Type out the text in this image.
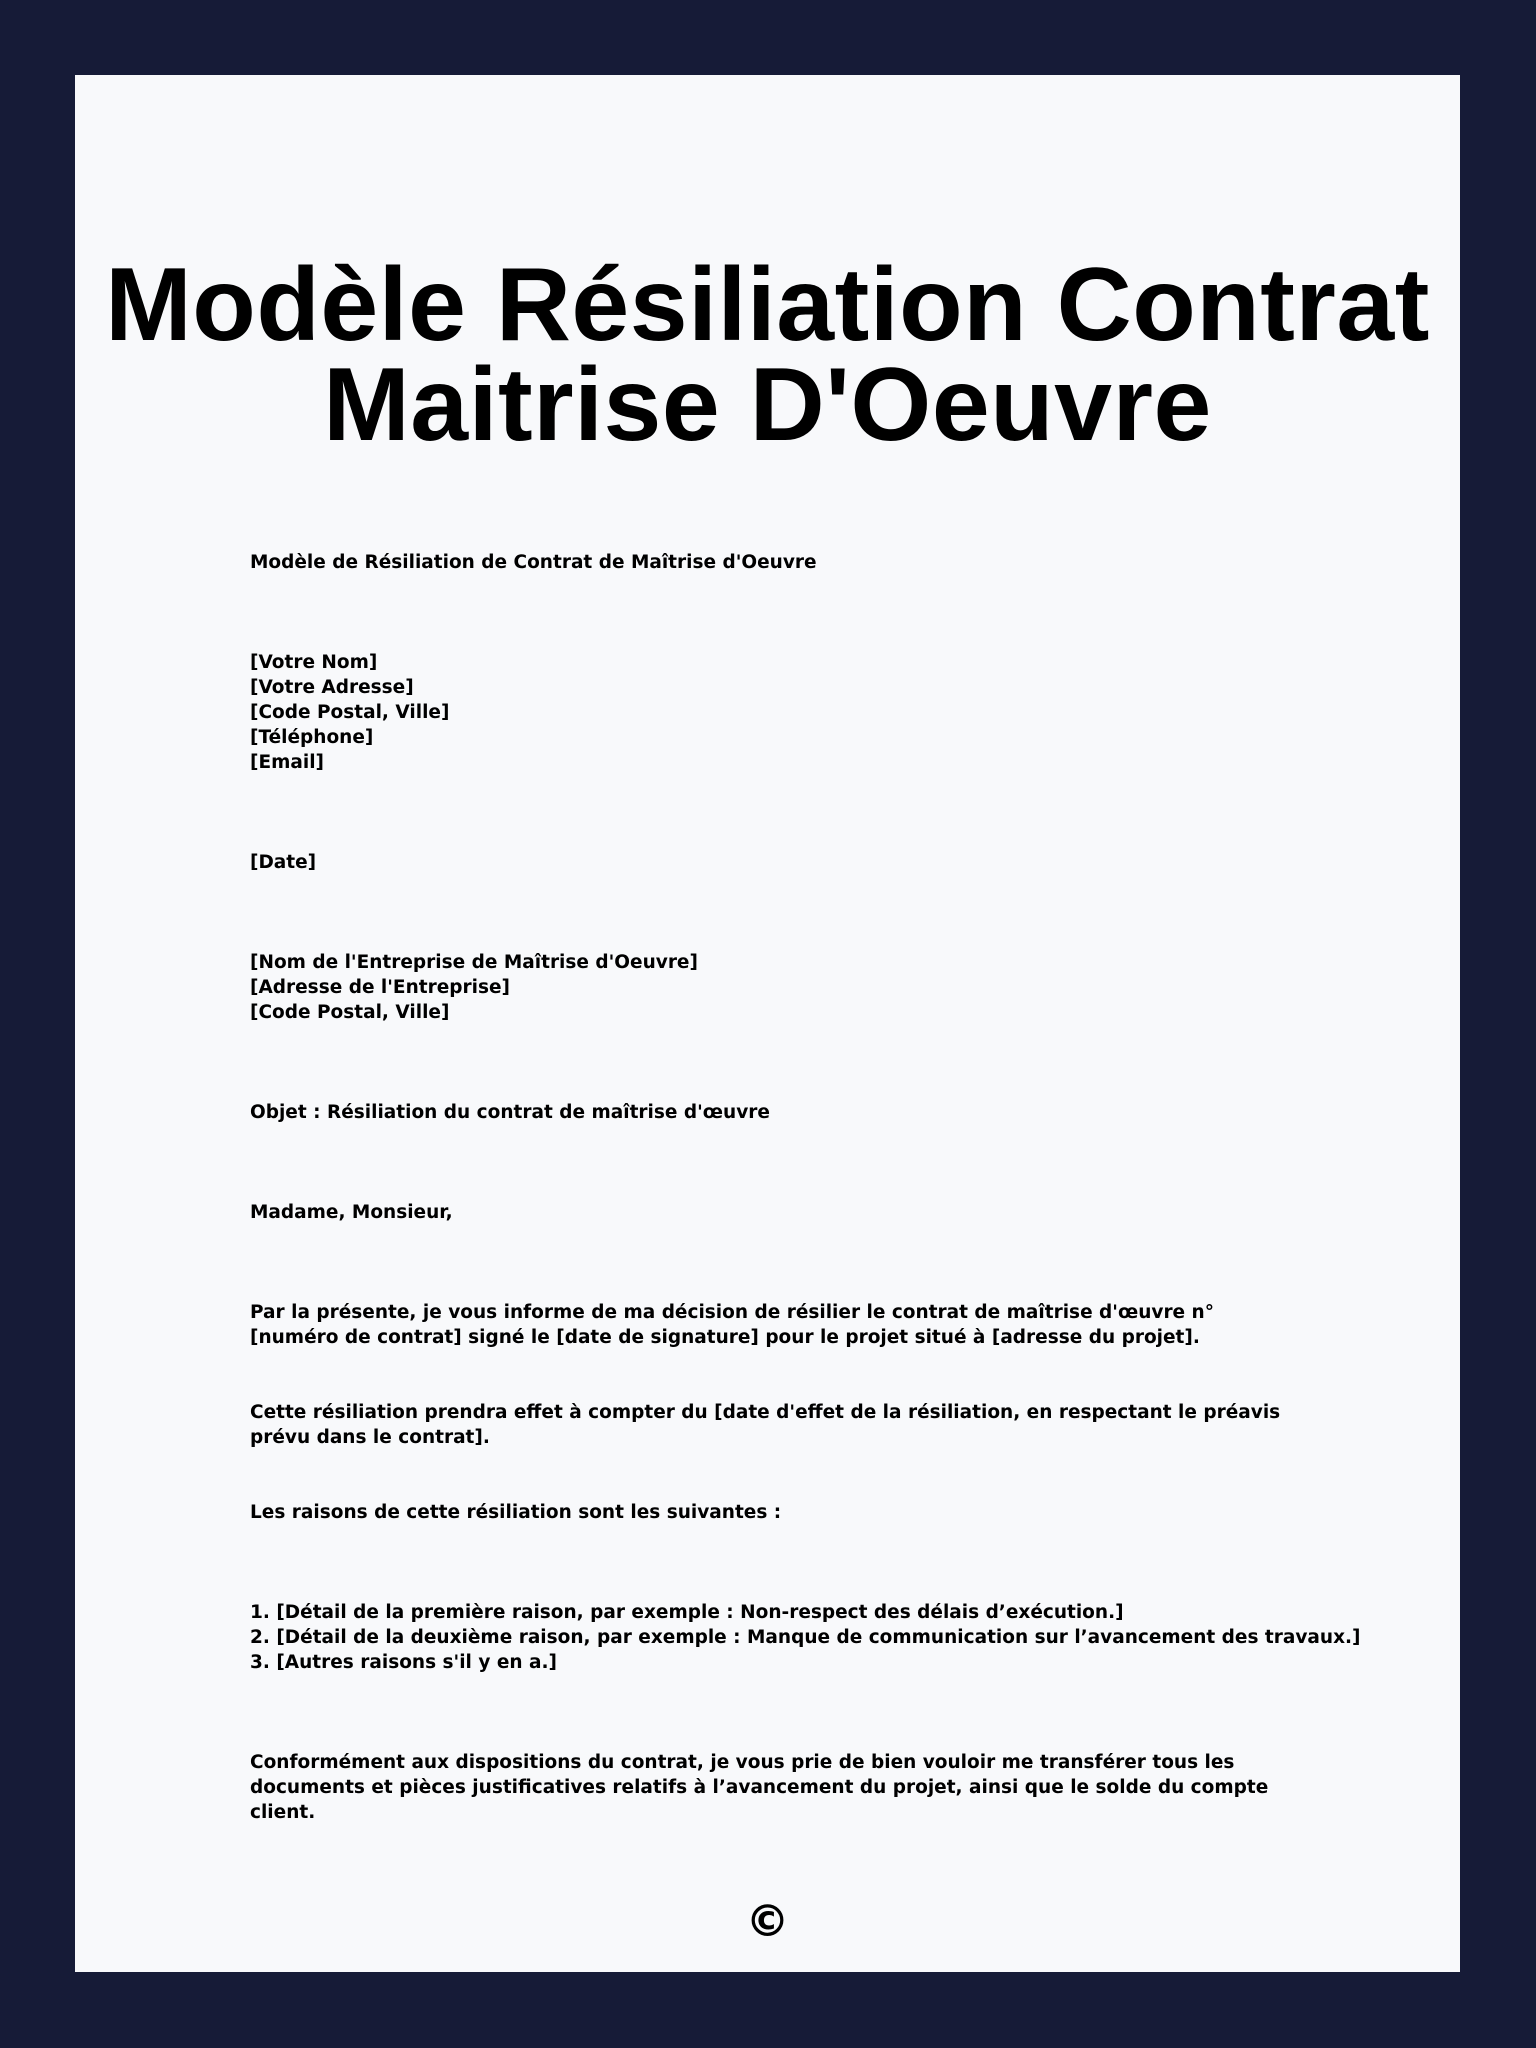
Modèle Résiliation Contrat Maitrise D'Oeuvre
Modèle de Résiliation de Contrat de Maîtrise d'Oeuvre
[Votre Nom]
[Votre Adresse]
[Code Postal, Ville]
[Téléphone]
[Email]
[Date]
[Nom de l'Entreprise de Maîtrise d'Oeuvre]
[Adresse de l'Entreprise]
[Code Postal, Ville]
Objet : Résiliation du contrat de maîtrise d'œuvre
Madame, Monsieur,
Par la présente, je vous informe de ma décision de résilier le contrat de maîtrise d'œuvre n° [numéro de contrat] signé le [date de signature] pour le projet situé à [adresse du projet].
Cette résiliation prendra effet à compter du [date d'effet de la résiliation, en respectant le préavis prévu dans le contrat].
Les raisons de cette résiliation sont les suivantes :
1. [Détail de la première raison, par exemple : Non-respect des délais d’exécution.]
2. [Détail de la deuxième raison, par exemple : Manque de communication sur l’avancement des travaux.]
3. [Autres raisons s'il y en a.]
Conformément aux dispositions du contrat, je vous prie de bien vouloir me transférer tous les documents et pièces justificatives relatifs à l’avancement du projet, ainsi que le solde du compte client.
©
